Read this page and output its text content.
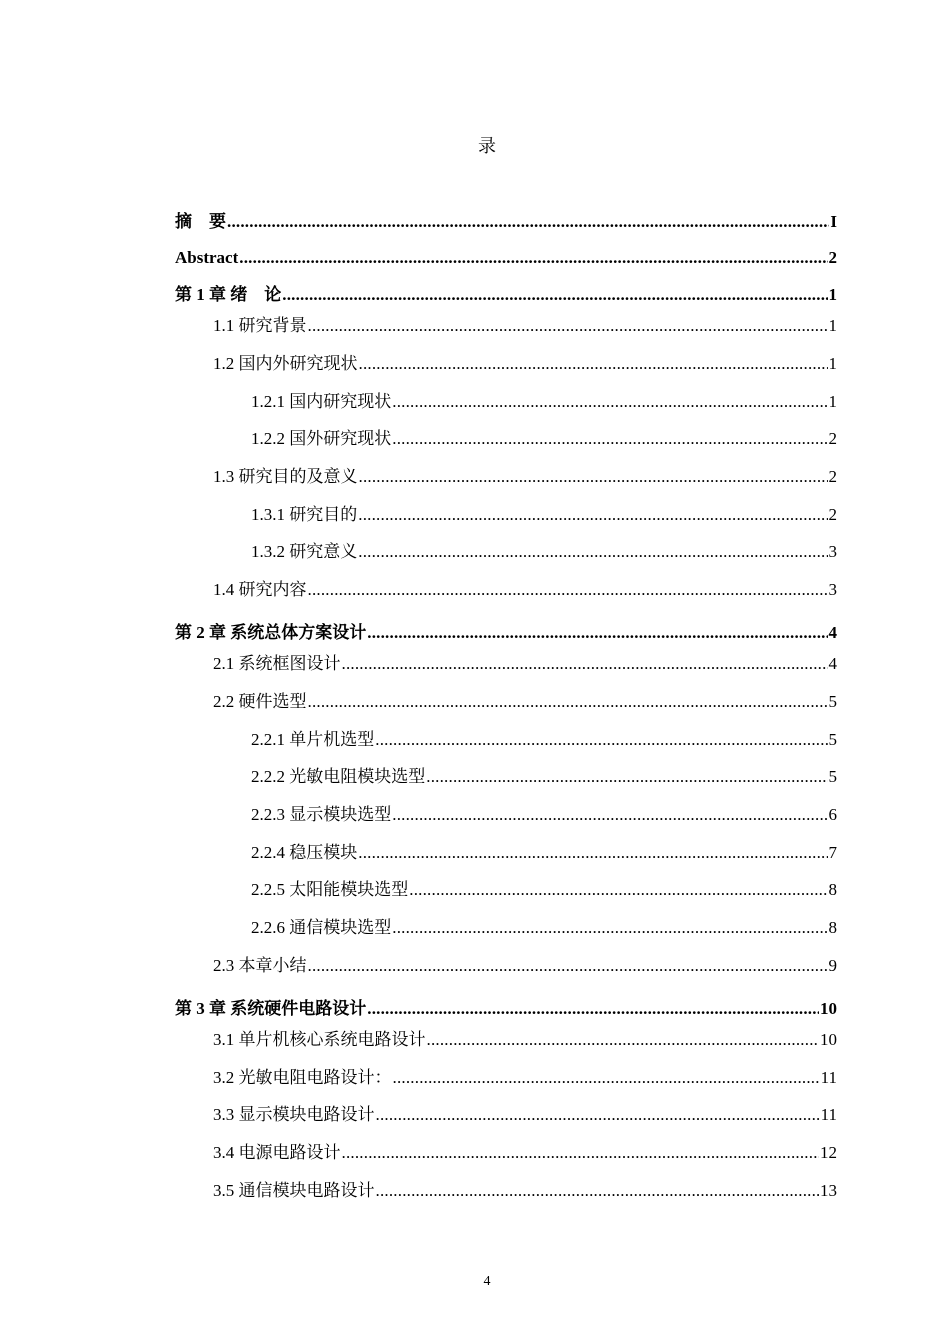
录
摘　要 .....	I
Abstract .....	2
第 1 章 绪　论 .....	1
1.1 研究背景 .....	1
1.2 国内外研究现状 .....	1
1.2.1 国内研究现状 .....	1
1.2.2 国外研究现状 .....	2
1.3 研究目的及意义 .....	2
1.3.1 研究目的 .....	2
1.3.2 研究意义 .....	3
1.4 研究内容 .....	3
第 2 章 系统总体方案设计 .....	4
2.1 系统框图设计 .....	4
2.2 硬件选型 .....	5
2.2.1 单片机选型 .....	5
2.2.2 光敏电阻模块选型 .....	5
2.2.3 显示模块选型 .....	6
2.2.4 稳压模块 .....	7
2.2.5 太阳能模块选型 .....	8
2.2.6 通信模块选型 .....	8
2.3 本章小结 .....	9
第 3 章 系统硬件电路设计 .....	10
3.1 单片机核心系统电路设计 .....	10
3.2 光敏电阻电路设计： .....	11
3.3 显示模块电路设计 .....	11
3.4 电源电路设计 .....	12
3.5 通信模块电路设计 .....	13
4
